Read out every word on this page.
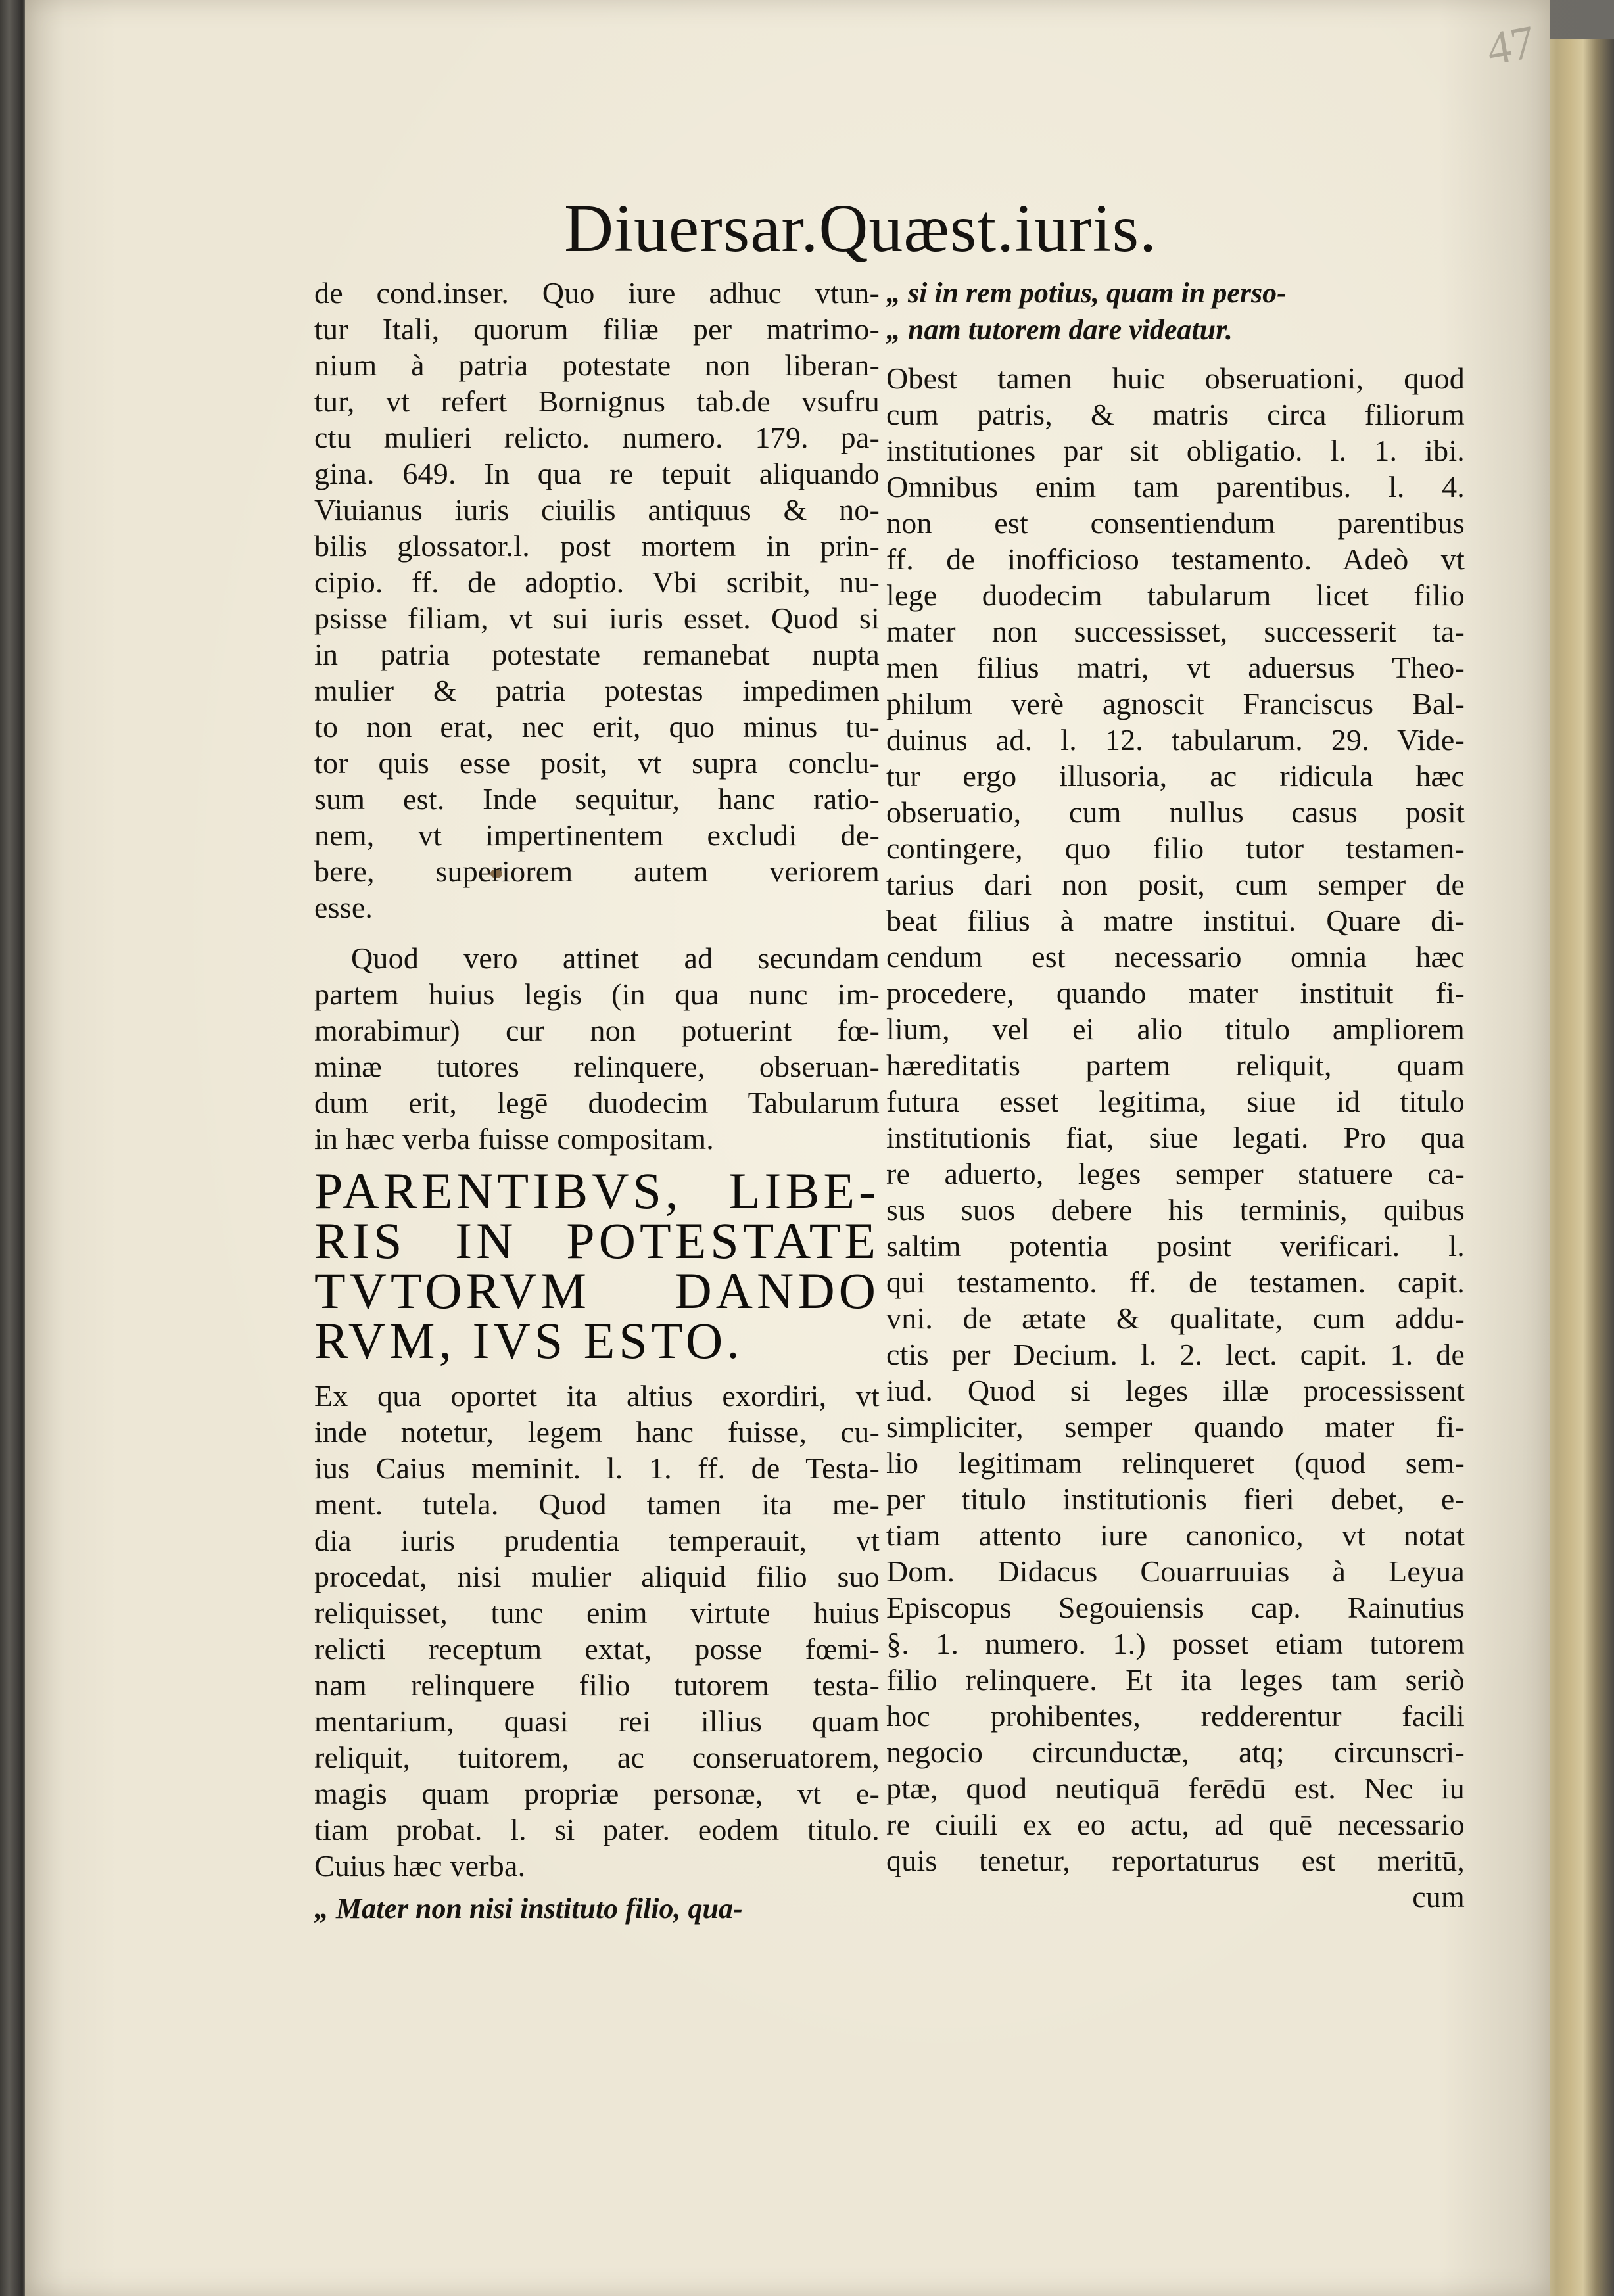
47
Diuersar.Quæst.iuris.
de cond.inser. Quo iure adhuc vtun-
tur Itali, quorum filiæ per matrimo-
nium à patria potestate non liberan-
tur, vt refert Bornignus tab.de vsufru
ctu mulieri relicto. numero. 179. pa-
gina. 649. In qua re tepuit aliquando
Viuianus iuris ciuilis antiquus & no-
bilis glossator.l. post mortem in prin-
cipio. ff. de adoptio. Vbi scribit, nu-
psisse filiam, vt sui iuris esset. Quod si
in patria potestate remanebat nupta
mulier & patria potestas impedimen
to non erat, nec erit, quo minus tu-
tor quis esse posit, vt supra conclu-
sum est. Inde sequitur, hanc ratio-
nem, vt impertinentem excludi de-
bere, superiorem autem veriorem
esse.
Quod vero attinet ad secundam
partem huius legis (in qua nunc im-
morabimur) cur non potuerint fœ-
minæ tutores relinquere, obseruan-
dum erit, legē duodecim Tabularum
in hæc verba fuisse compositam.
PARENTIBVS, LIBE-
RIS IN POTESTATE
TVTORVM DANDO
RVM, IVS ESTO.
Ex qua oportet ita altius exordiri, vt
inde notetur, legem hanc fuisse, cu-
ius Caius meminit. l. 1. ff. de Testa-
ment. tutela. Quod tamen ita me-
dia iuris prudentia temperauit, vt
procedat, nisi mulier aliquid filio suo
reliquisset, tunc enim virtute huius
relicti receptum extat, posse fœmi-
nam relinquere filio tutorem testa-
mentarium, quasi rei illius quam
reliquit, tuitorem, ac conseruatorem,
magis quam propriæ personæ, vt e-
tiam probat. l. si pater. eodem titulo.
Cuius hæc verba.
„ Mater non nisi instituto filio, qua-
„ si in rem potius, quam in perso-
„ nam tutorem dare videatur.
Obest tamen huic obseruationi, quod
cum patris, & matris circa filiorum
institutiones par sit obligatio. l. 1. ibi.
Omnibus enim tam parentibus. l. 4.
non est consentiendum parentibus
ff. de inofficioso testamento. Adeò vt
lege duodecim tabularum licet filio
mater non successisset, successerit ta-
men filius matri, vt aduersus Theo-
philum verè agnoscit Franciscus Bal-
duinus ad. l. 12. tabularum. 29. Vide-
tur ergo illusoria, ac ridicula hæc
obseruatio, cum nullus casus posit
contingere, quo filio tutor testamen-
tarius dari non posit, cum semper de
beat filius à matre institui. Quare di-
cendum est necessario omnia hæc
procedere, quando mater instituit fi-
lium, vel ei alio titulo ampliorem
hæreditatis partem reliquit, quam
futura esset legitima, siue id titulo
institutionis fiat, siue legati. Pro qua
re aduerto, leges semper statuere ca-
sus suos debere his terminis, quibus
saltim potentia posint verificari. l.
qui testamento. ff. de testamen. capit.
vni. de ætate & qualitate, cum addu-
ctis per Decium. l. 2. lect. capit. 1. de
iud. Quod si leges illæ processissent
simpliciter, semper quando mater fi-
lio legitimam relinqueret (quod sem-
per titulo institutionis fieri debet, e-
tiam attento iure canonico, vt notat
Dom. Didacus Couarruuias à Leyua
Episcopus Segouiensis cap. Rainutius
§. 1. numero. 1.) posset etiam tutorem
filio relinquere. Et ita leges tam seriò
hoc prohibentes, redderentur facili
negocio circunductæ, atq; circunscri-
ptæ, quod neutiquā ferēdū est. Nec iu
re ciuili ex eo actu, ad quē necessario
quis tenetur, reportaturus est meritū,
cum
